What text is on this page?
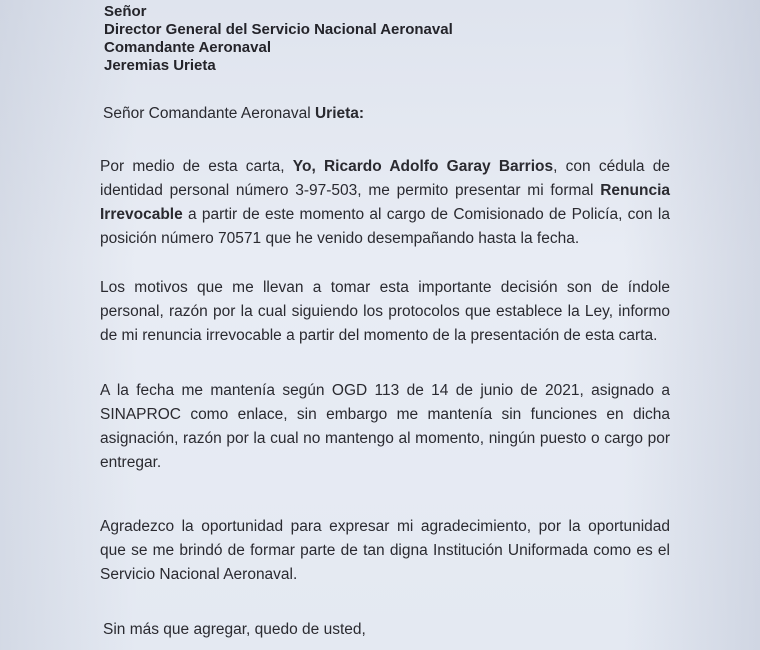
Señor
Director General del Servicio Nacional Aeronaval
Comandante Aeronaval
Jeremias Urieta
Señor Comandante Aeronaval Urieta:
Por medio de esta carta, Yo, Ricardo Adolfo Garay Barrios, con cédula de identidad personal número 3-97-503, me permito presentar mi formal Renuncia Irrevocable a partir de este momento al cargo de Comisionado de Policía, con la posición número 70571 que he venido desempañando hasta la fecha.
Los motivos que me llevan a tomar esta importante decisión son de índole personal, razón por la cual siguiendo los protocolos que establece la Ley, informo de mi renuncia irrevocable a partir del momento de la presentación de esta carta.
A la fecha me mantenía según OGD 113 de 14 de junio de 2021, asignado a SINAPROC como enlace, sin embargo me mantenía sin funciones en dicha asignación, razón por la cual no mantengo al momento, ningún puesto o cargo por entregar.
Agradezco la oportunidad para expresar mi agradecimiento, por la oportunidad que se me brindó de formar parte de tan digna Institución Uniformada como es el Servicio Nacional Aeronaval.
Sin más que agregar, quedo de usted,
